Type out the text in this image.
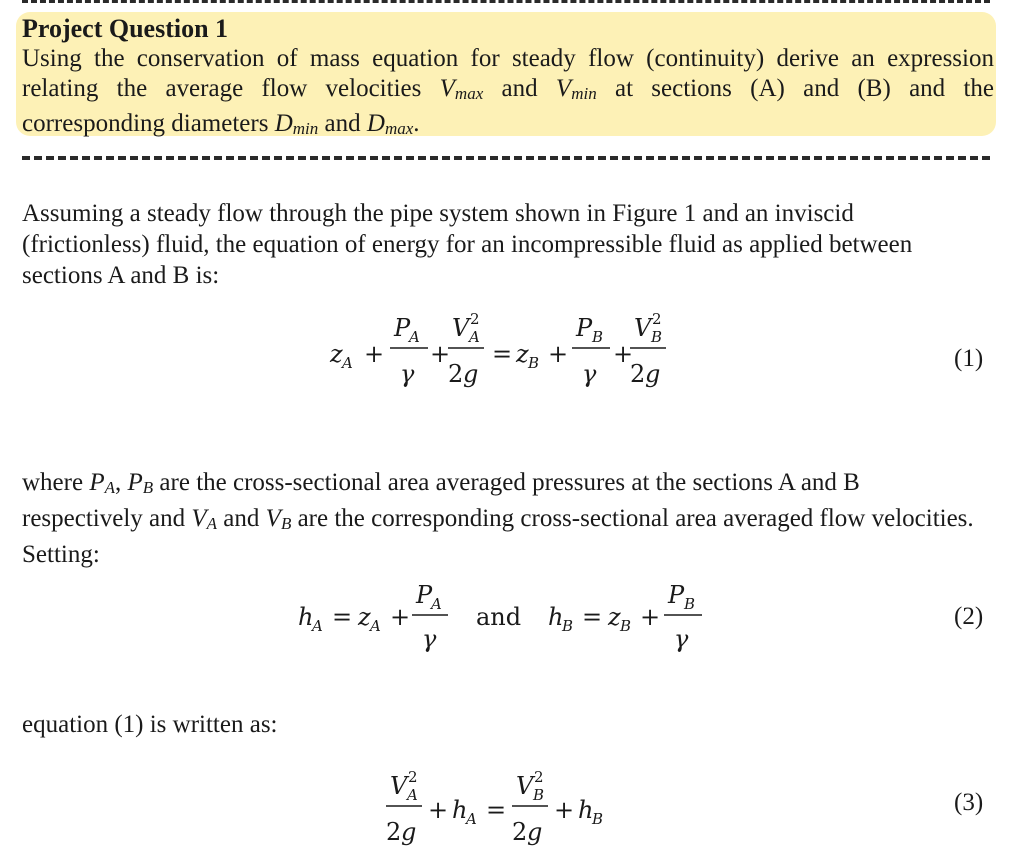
Project Question 1
Using the conservation of mass equation for steady flow (continuity) derive an expression
relating the average flow velocities $V_{max}$ and $V_{min}$ at sections (A) and (B) and the
corresponding diameters $D_{min}$ and $D_{max}$.
Assuming a steady flow through the pipe system shown in Figure 1 and an inviscid (frictionless) fluid, the equation of energy for an incompressible fluid as applied between sections A and B is:
z A +
P
A
γ
+
V A
2
2 g
= z B +
P B
γ
+
V B
2
2 g
(1)
where $P_A$, $P_B$ are the cross-sectional area averaged pressures at the sections A and B respectively and $V_A$ and $V_B$ are the corresponding cross-sectional area averaged flow velocities. Setting:
h
A = z A +
P
A
γ
and h
B = z B +
P B
γ
(2)
equation (1) is written as:
V A
2
2 g
+ h
A =
V B
2
2 g
+ h
B
(3)
